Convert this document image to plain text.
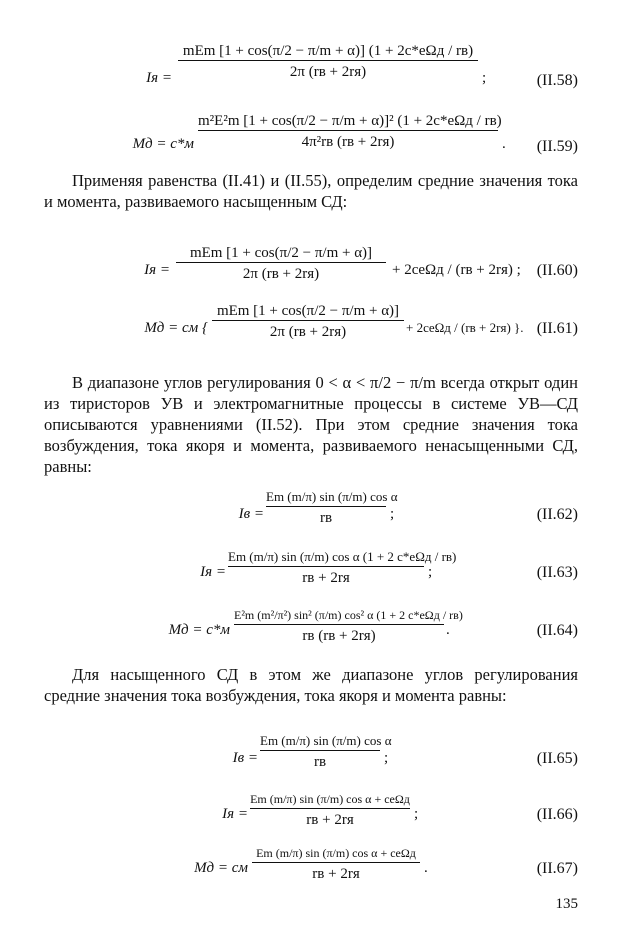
Iя =
mEm [1 + cos(π/2 − π/m + α)] (1 + 2c*eΩд / rв)
2π (rв + 2rя)	;	(II.58)
Mд = c*м
m²E²m [1 + cos(π/2 − π/m + α)]² (1 + 2c*eΩд / rв)
4π²rв (rв + 2rя)	. (II.59)

Применяя равенства (II.41) и (II.55), определим средние значения тока и момента, развиваемого насыщенным СД:

Iя =
mEm [1 + cos(π/2 − π/m + α)]
2π (rв + 2rя)	+ 2ceΩд / (rв + 2rя) ; (II.60)
Mд = cм {
mEm [1 + cos(π/2 − π/m + α)]
2π (rв + 2rя)	+ 2ceΩд / (rв + 2rя) }. (II.61)

В диапазоне углов регулирования 0 < α < π/2 − π/m всегда открыт один из тиристоров УВ и электромагнитные процессы в системе УВ—СД описываются уравнениями (II.52). При этом средние значения тока возбуждения, тока якоря и момента, развиваемого ненасыщенными СД, равны:

Iв =
Em (m/π) sin (π/m) cos α
rв	;	(II.62)
Iя =
Em (m/π) sin (π/m) cos α (1 + 2 c*eΩд / rв)
rв + 2rя	;	(II.63)
Mд = c*м
E²m (m²/π²) sin² (π/m) cos² α (1 + 2 c*eΩд / rв)
rв (rв + 2rя)	.	(II.64)

Для насыщенного СД в этом же диапазоне углов регулирования средние значения тока возбуждения, тока якоря и момента равны:

Iв =
Em (m/π) sin (π/m) cos α
rв	;	(II.65)
Iя =
Em (m/π) sin (π/m) cos α + ceΩд
rв + 2rя	;	(II.66)
Mд = cм
Em (m/π) sin (π/m) cos α + ceΩд
rв + 2rя	.	(II.67)
135
